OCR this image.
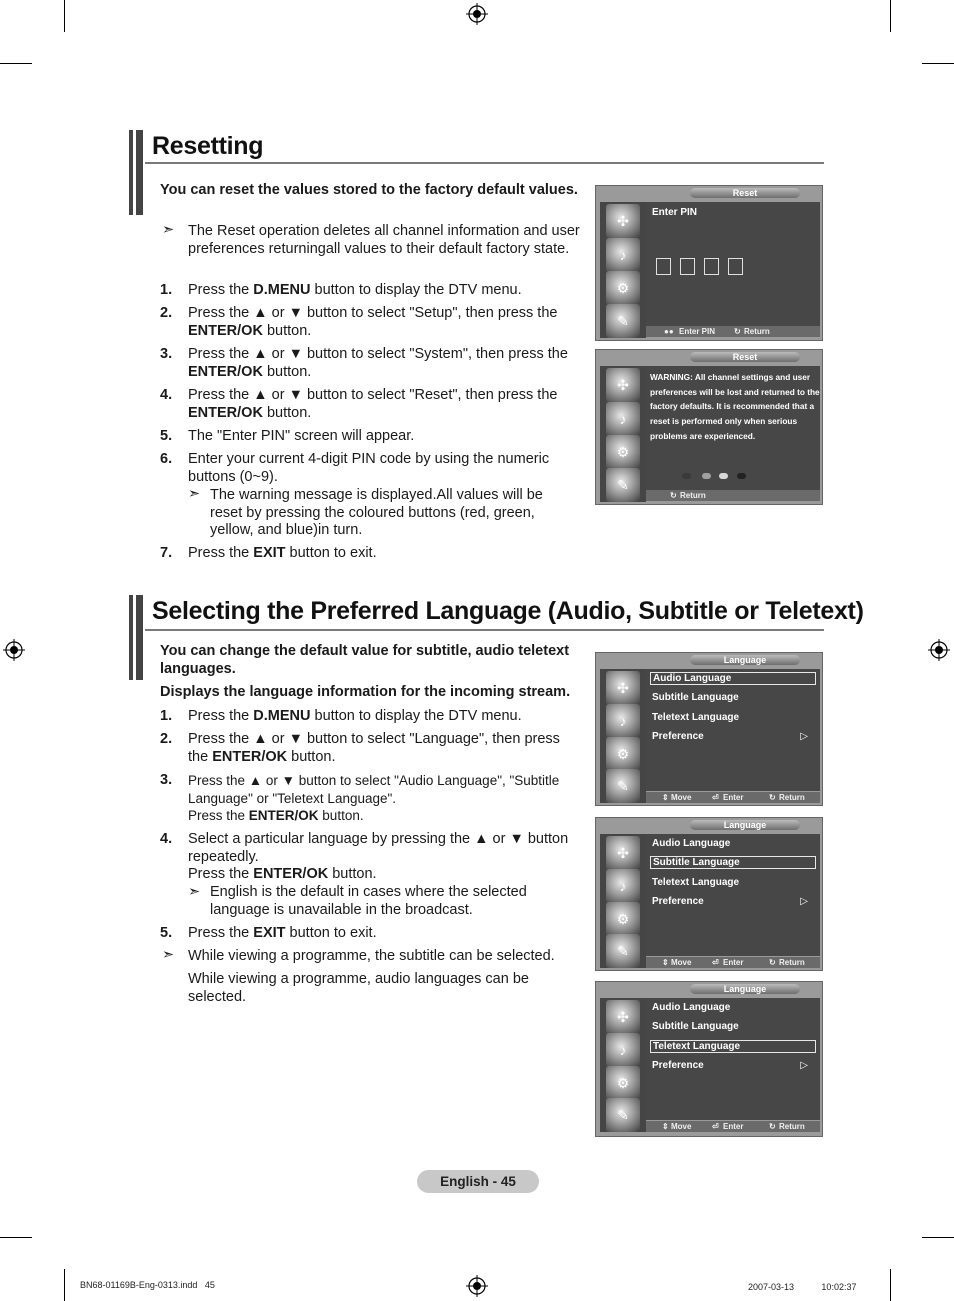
Resetting
You can reset the values stored to the factory default values.
➣ The Reset operation deletes all channel information and user preferences returningall values to their default factory state.
1. Press the D.MENU button to display the DTV menu.
2. Press the ▲ or ▼ button to select "Setup", then press the ENTER/OK button.
3. Press the ▲ or ▼ button to select "System", then press the ENTER/OK button.
4. Press the ▲ or ▼ button to select "Reset", then press the ENTER/OK button.
5. The "Enter PIN" screen will appear.
6. Enter your current 4-digit PIN code by using the numeric buttons (0~9).
➣ The warning message is displayed.All values will be reset by pressing the coloured buttons (red, green, yellow, and blue)in turn.
7. Press the EXIT button to exit.
Reset
✣
♪
⚙
✎
Enter PIN
●● Enter PIN ↻ Return
Reset
✣
♪
⚙
✎
WARNING: All channel settings and user preferences will be lost and returned to the factory defaults. It is recommended that a reset is performed only when serious problems are experienced.
↻ Return
Selecting the Preferred Language (Audio, Subtitle or Teletext)
You can change the default value for subtitle, audio teletext languages.
Displays the language information for the incoming stream.
1. Press the D.MENU button to display the DTV menu.
2. Press the ▲ or ▼ button to select "Language", then press the ENTER/OK button.
3. Press the ▲ or ▼ button to select "Audio Language", "Subtitle Language" or "Teletext Language".
Press the ENTER/OK button.
4. Select a particular language by pressing the ▲ or ▼ button repeatedly.
Press the ENTER/OK button.
➣ English is the default in cases where the selected language is unavailable in the broadcast.
5. Press the EXIT button to exit.
➣ While viewing a programme, the subtitle can be selected.
While viewing a programme, audio languages can be selected.
Language
✣
♪
⚙
✎
Audio Language
Subtitle Language
Teletext Language
Preference	▷
⇕ Move	⏎ Enter	↻ Return
Language
✣
♪
⚙
✎
Audio Language
Subtitle Language
Teletext Language
Preference	▷
⇕ Move	⏎ Enter	↻ Return
Language
✣
♪
⚙
✎
Audio Language
Subtitle Language
Teletext Language
Preference	▷
⇕ Move	⏎ Enter	↻ Return
English - 45
BN68-01169B-Eng-0313.indd   45	2007-03-13   ㅤㅤ 10:02:37
